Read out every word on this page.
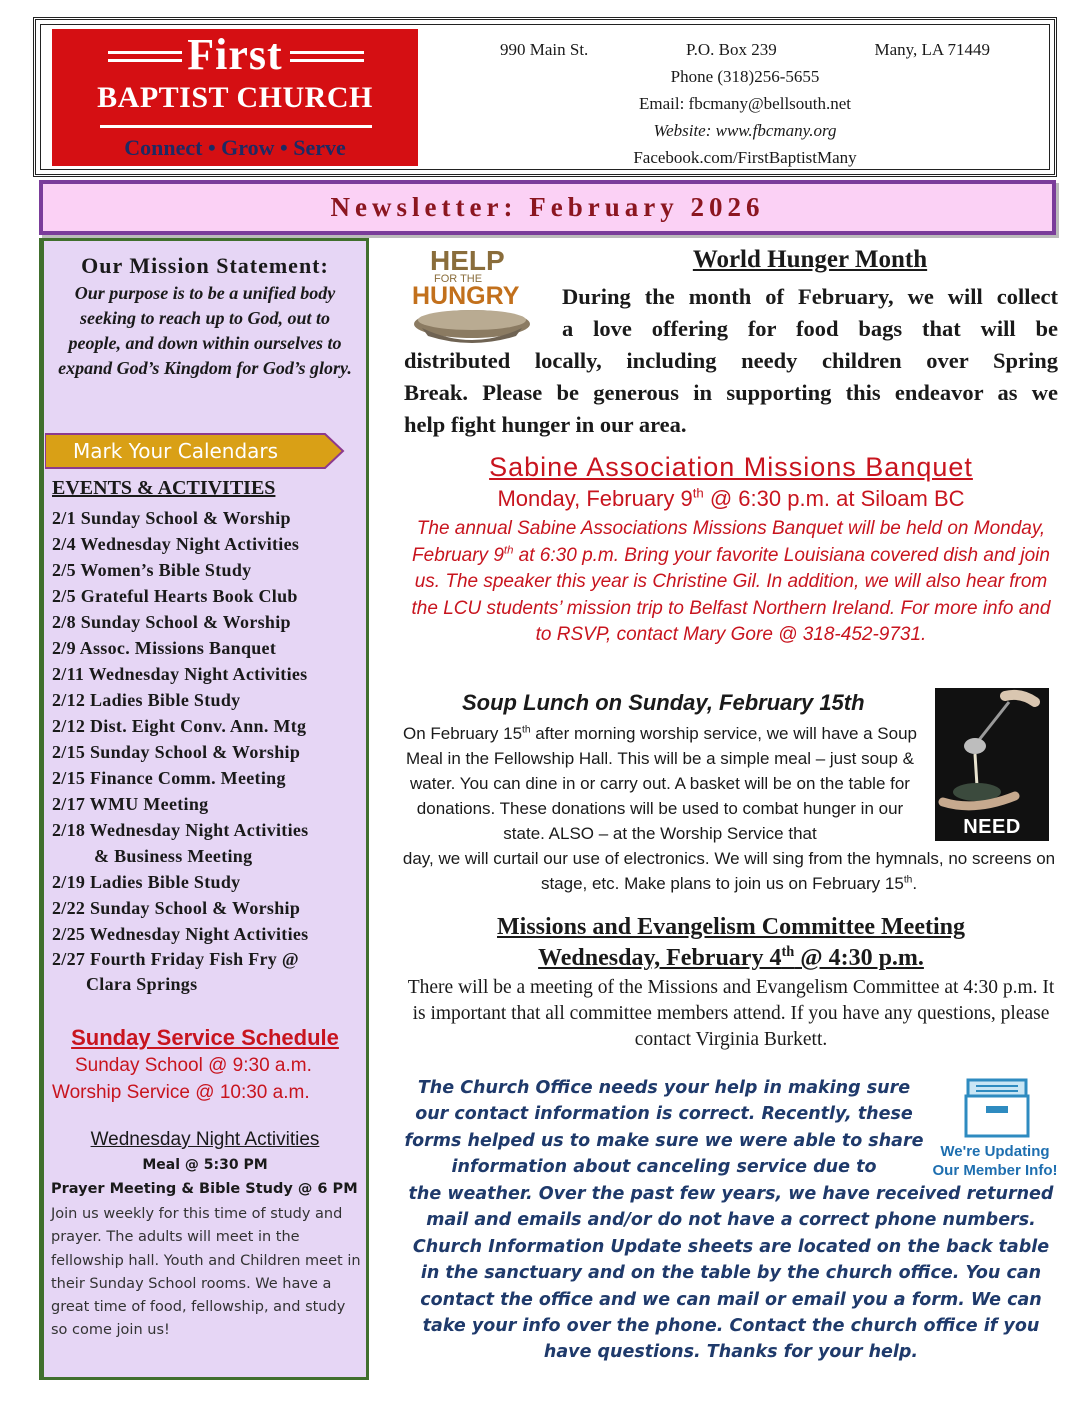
First
BAPTIST CHURCH
Connect • Grow • Serve
990 Main St.	P.O. Box 239	Many, LA 71449
Phone (318)256-5655
Email: fbcmany@bellsouth.net
Website: www.fbcmany.org
Facebook.com/FirstBaptistMany
Newsletter: February 2026
Our Mission Statement:
Our purpose is to be a unified body seeking to reach up to God, out to people, and down within ourselves to expand God’s Kingdom for God’s glory.
Mark Your Calendars
EVENTS & ACTIVITIES
2/1 Sunday School & Worship
2/4 Wednesday Night Activities
2/5 Women’s Bible Study
2/5 Grateful Hearts Book Club
2/8 Sunday School & Worship
2/9 Assoc. Missions Banquet
2/11 Wednesday Night Activities
2/12 Ladies Bible Study
2/12 Dist. Eight Conv. Ann. Mtg
2/15 Sunday School & Worship
2/15 Finance Comm. Meeting
2/17 WMU Meeting
2/18 Wednesday Night Activities
& Business Meeting
2/19 Ladies Bible Study
2/22 Sunday School & Worship
2/25 Wednesday Night Activities
2/27 Fourth Friday Fish Fry @
Clara Springs
Sunday Service Schedule
Sunday School @ 9:30 a.m.
Worship Service @ 10:30 a.m.
Wednesday Night Activities
Meal @ 5:30 PM
Prayer Meeting & Bible Study @ 6 PM
Join us weekly for this time of study and prayer. The adults will meet in the fellowship hall. Youth and Children meet in their Sunday School rooms. We have a great time of food, fellowship, and study so come join us!
HELP
FOR THE
HUNGRY
World Hunger Month
During the month of February, we will collect
a love offering for food bags that will be
distributed locally, including needy children over Spring
Break. Please be generous in supporting this endeavor as we
help fight hunger in our area.
Sabine Association Missions Banquet
Monday, February 9th @ 6:30 p.m. at Siloam BC
The annual Sabine Associations Missions Banquet will be held on Monday, February 9th at 6:30 p.m. Bring your favorite Louisiana covered dish and join us. The speaker this year is Christine Gil. In addition, we will also hear from the LCU students’ mission trip to Belfast Northern Ireland. For more info and to RSVP, contact Mary Gore @ 318-452-9731.
Soup Lunch on Sunday, February 15th
On February 15th after morning worship service, we will have a Soup Meal in the Fellowship Hall. This will be a simple meal – just soup & water. You can dine in or carry out. A basket will be on the table for donations. These donations will be used to combat hunger in our state. ALSO – at the Worship Service that
day, we will curtail our use of electronics. We will sing from the hymnals, no screens on stage, etc. Make plans to join us on February 15th.
NEED
Missions and Evangelism Committee Meeting
Wednesday, February 4th @ 4:30 p.m.
There will be a meeting of the Missions and Evangelism Committee at 4:30 p.m. It is important that all committee members attend. If you have any questions, please contact Virginia Burkett.
The Church Office needs your help in making sure our contact information is correct. Recently, these forms helped us to make sure we were able to share information about canceling service due to
the weather. Over the past few years, we have received returned mail and emails and/or do not have a correct phone numbers. Church Information Update sheets are located on the back table in the sanctuary and on the table by the church office. You can contact the office and we can mail or email you a form. We can take your info over the phone. Contact the church office if you have questions. Thanks for your help.
We're Updating
Our Member Info!
